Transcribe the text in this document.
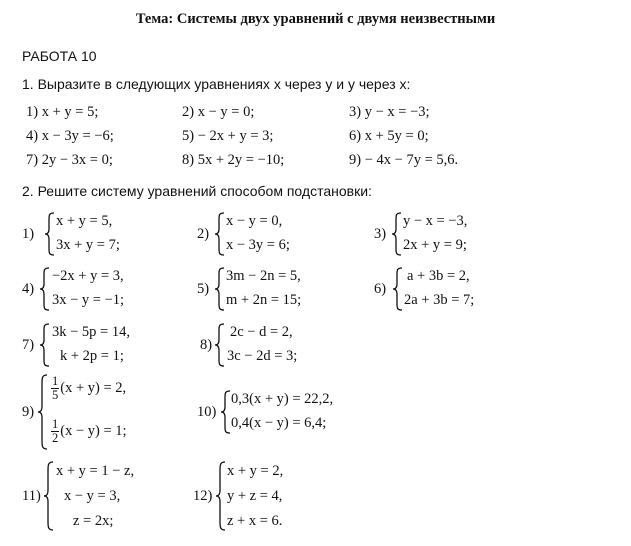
Тема: Системы двух уравнений с двумя неизвестными
РАБОТА 10
1. Выразите в следующих уравнениях x через y и y через x:
1) x + y = 5;	2) x − y = 0;	3) y − x = −3;
4) x − 3y = −6;	5) − 2x + y = 3;	6) x + 5y = 0;
7) 2y − 3x = 0;	8) 5x + 2y = −10;	9) − 4x − 7y = 5,6.
2. Решите систему уравнений способом подстановки:
1)
x + y = 5,
3x + y = 7;
2)
x − y = 0,
x − 3y = 6;
3)
y − x = −3,
2x + y = 9;
4)
−2x + y = 3,
3x − y = −1;
5)
3m − 2n = 5,
m + 2n = 15;
6)
a + 3b = 2,
2a + 3b = 7;
7)
3k − 5p = 14,
k + 2p = 1;
8)
2c − d = 2,
3c − 2d = 3;
9)
$\frac{1}{5} (x + y) = 2$,
$\frac{1}{2} (x - y) = 1$;
10)
0,3(x + y) = 22,2,
0,4(x − y) = 6,4;
11)
x + y = 1 − z,
x − y = 3,
z = 2x;
12)
x + y = 2,
y + z = 4,
z + x = 6.
